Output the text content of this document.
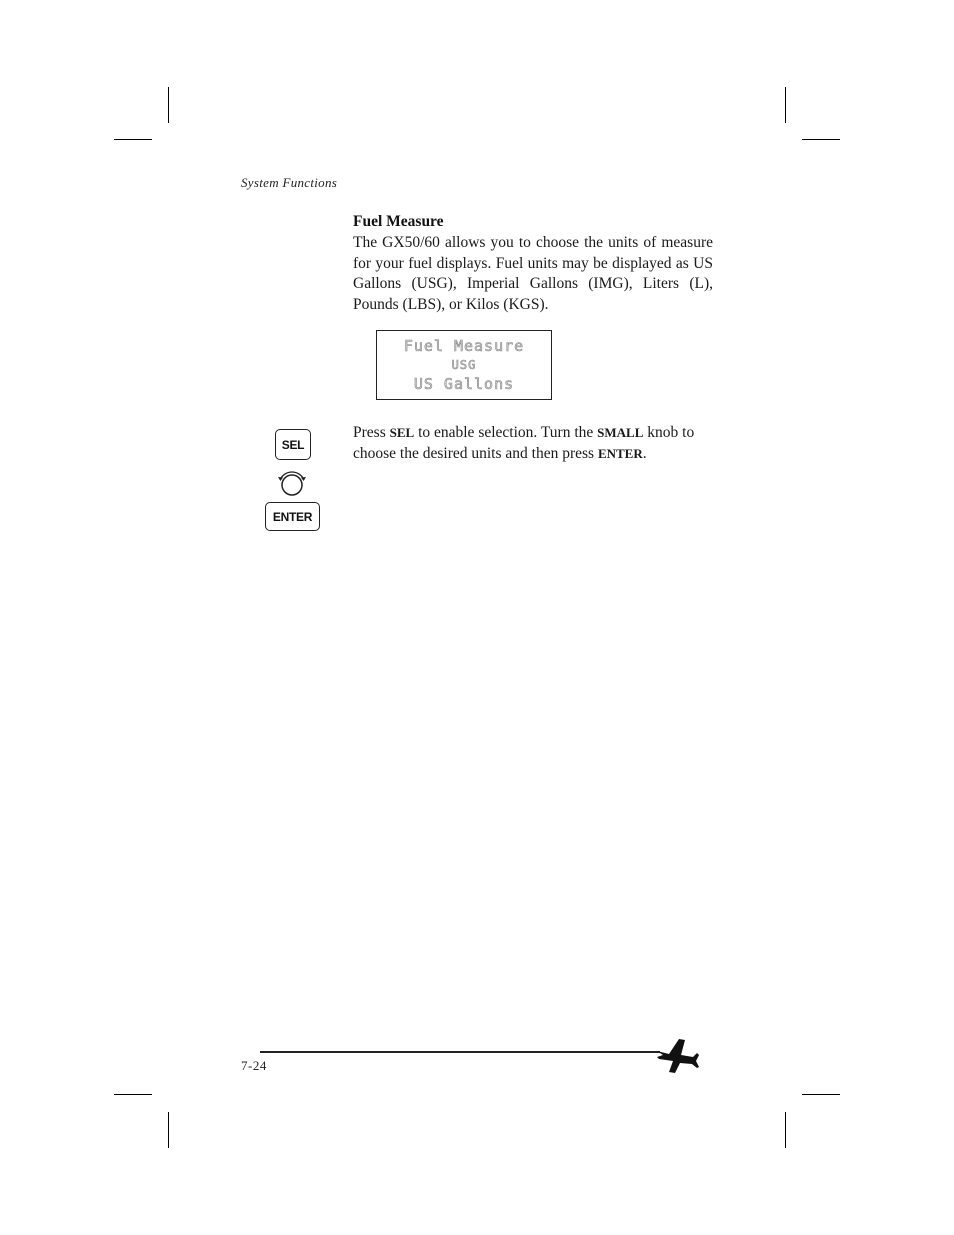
System Functions
Fuel Measure
The GX50/60 allows you to choose the units of measure for your fuel displays. Fuel units may be displayed as US Gallons (USG), Imperial Gallons (IMG), Liters (L), Pounds (LBS), or Kilos (KGS).
Fuel Measure
USG
US Gallons
SEL
ENTER
Press SEL to enable selection. Turn the SMALL knob to choose the desired units and then press ENTER.
7-24
